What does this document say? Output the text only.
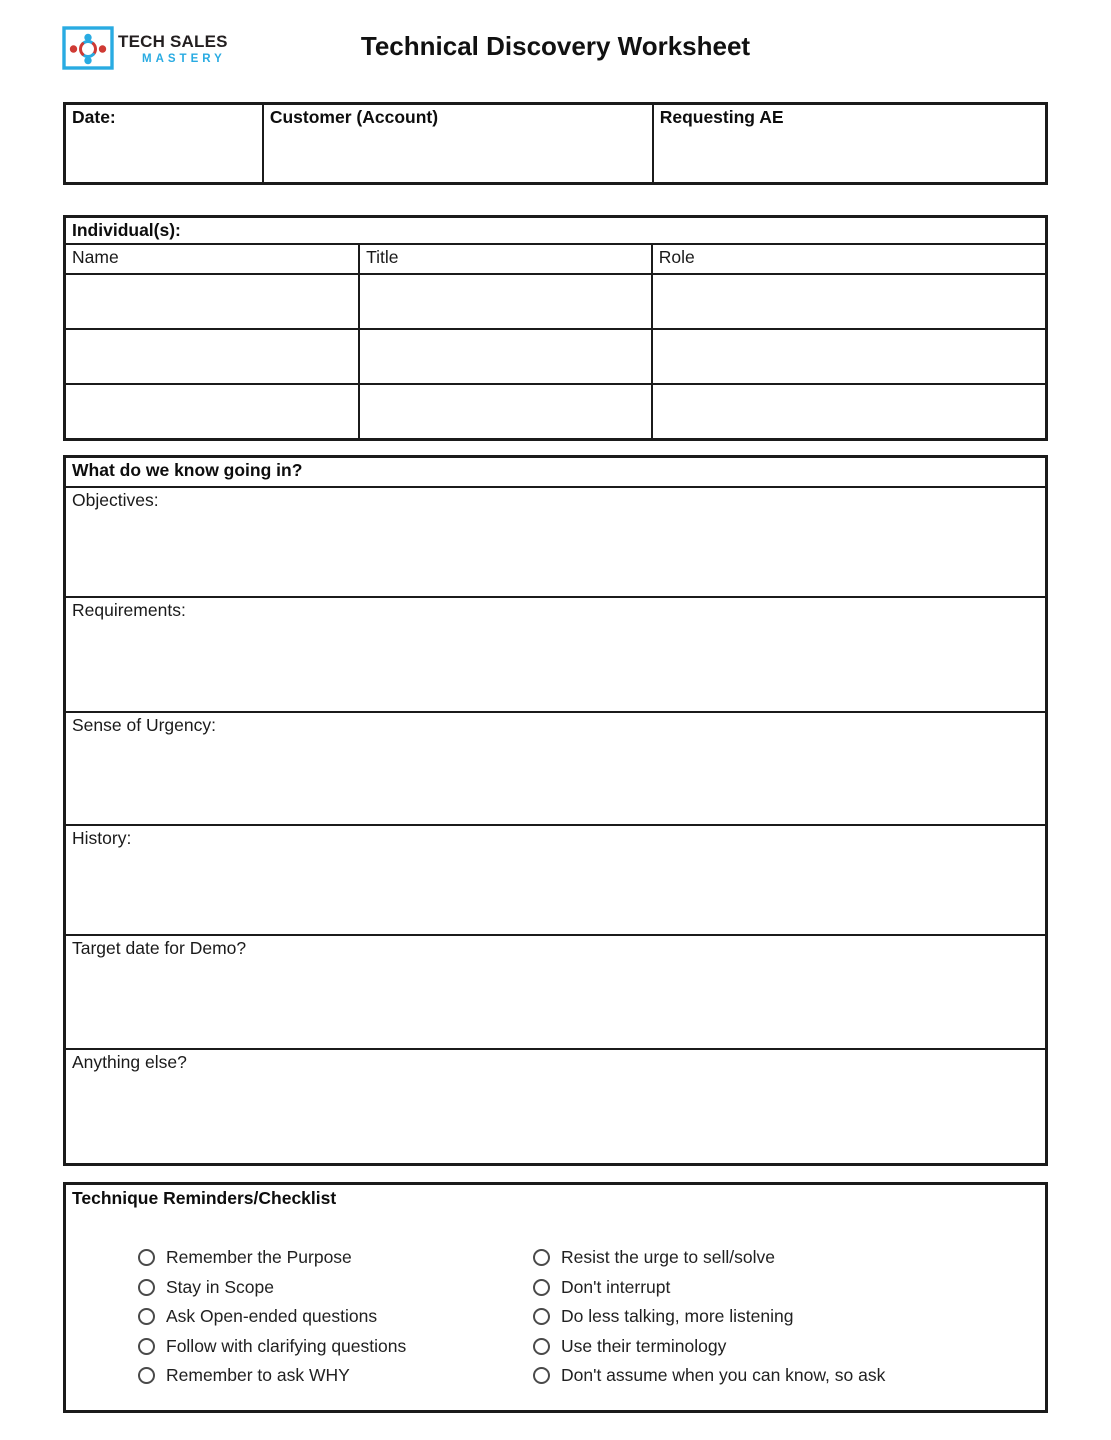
TECH SALES
MASTERY	Technical Discovery Worksheet
Date:	Customer (Account)	Requesting AE
Individual(s):		
Name	Title	Role

What do we know going in?
Objectives:
Requirements:
Sense of Urgency:
History:
Target date for Demo?
Anything else?
Technique Reminders/Checklist
Remember the Purpose
Stay in Scope
Ask Open-ended questions
Follow with clarifying questions
Remember to ask WHY
Resist the urge to sell/solve
Don't interrupt
Do less talking, more listening
Use their terminology
Don't assume when you can know, so ask
